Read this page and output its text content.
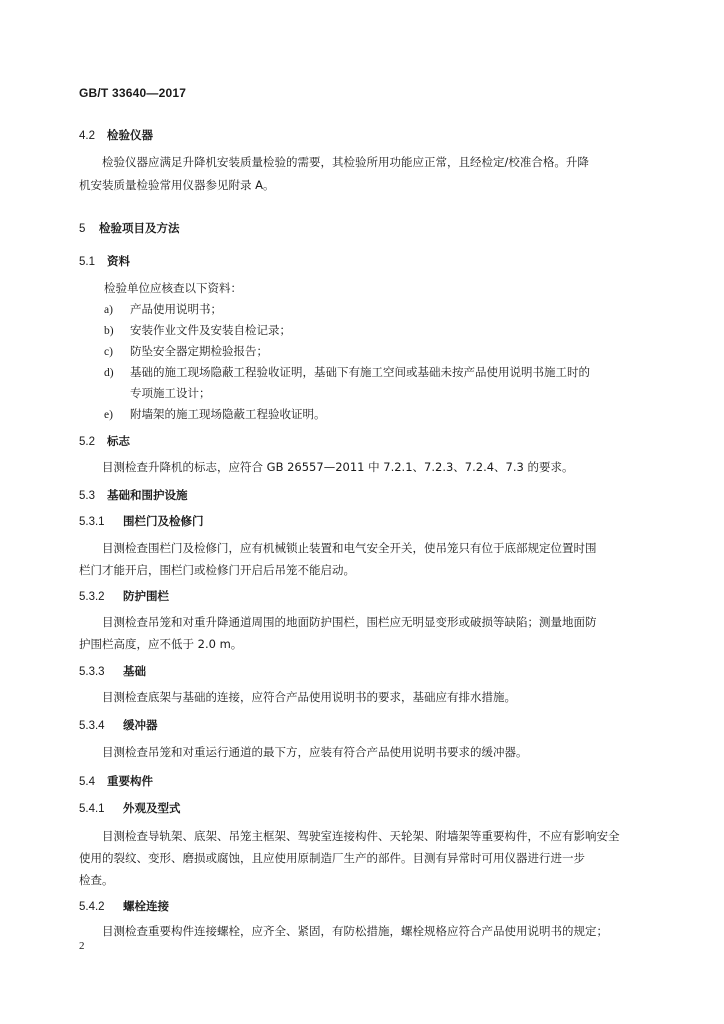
GB/T 33640—2017
4.2 检验仪器
检验仪器应满足升降机安装质量检验的需要，其检验所用功能应正常，且经检定/校准合格。升降
机安装质量检验常用仪器参见附录 A。
5 检验项目及方法
5.1 资料
检验单位应核查以下资料：
a) 产品使用说明书；
b) 安装作业文件及安装自检记录；
c) 防坠安全器定期检验报告；
d) 基础的施工现场隐蔽工程验收证明，基础下有施工空间或基础未按产品使用说明书施工时的
专项施工设计；
e) 附墙架的施工现场隐蔽工程验收证明。
5.2 标志
目测检查升降机的标志，应符合 GB 26557—2011 中 7.2.1、7.2.3、7.2.4、7.3 的要求。
5.3 基础和围护设施
5.3.1 围栏门及检修门
目测检查围栏门及检修门，应有机械锁止装置和电气安全开关，使吊笼只有位于底部规定位置时围
栏门才能开启，围栏门或检修门开启后吊笼不能启动。
5.3.2 防护围栏
目测检查吊笼和对重升降通道周围的地面防护围栏，围栏应无明显变形或破损等缺陷；测量地面防
护围栏高度，应不低于 2.0 m。
5.3.3 基础
目测检查底架与基础的连接，应符合产品使用说明书的要求，基础应有排水措施。
5.3.4 缓冲器
目测检查吊笼和对重运行通道的最下方，应装有符合产品使用说明书要求的缓冲器。
5.4 重要构件
5.4.1 外观及型式
目测检查导轨架、底架、吊笼主框架、驾驶室连接构件、天轮架、附墙架等重要构件，不应有影响安全
使用的裂纹、变形、磨损或腐蚀，且应使用原制造厂生产的部件。目测有异常时可用仪器进行进一步
检查。
5.4.2 螺栓连接
目测检查重要构件连接螺栓，应齐全、紧固，有防松措施，螺栓规格应符合产品使用说明书的规定；
2
